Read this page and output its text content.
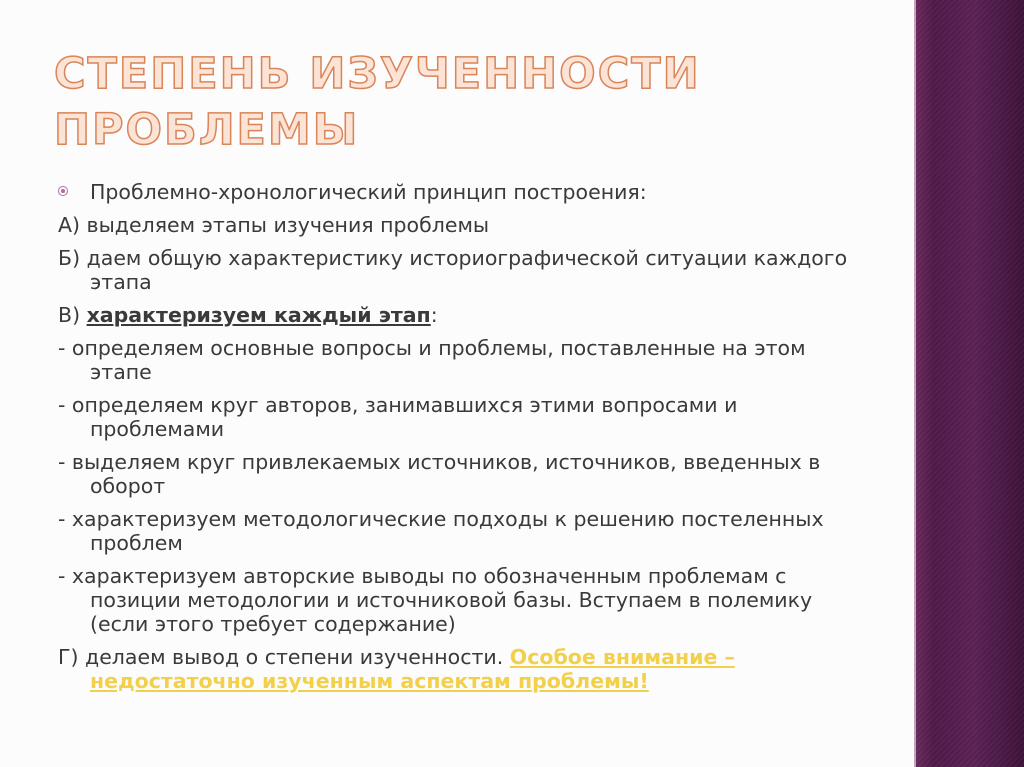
СТЕПЕНЬ ИЗУЧЕННОСТИ
ПРОБЛЕМЫ

Проблемно-хронологический принцип построения:

А) выделяем этапы изучения проблемы

Б) даем общую характеристику историографической ситуации каждого этапа

В) характеризуем каждый этап:

- определяем основные вопросы и проблемы, поставленные на этом этапе

- определяем круг авторов, занимавшихся этими вопросами и проблемами

- выделяем круг привлекаемых источников, источников, введенных в оборот

- характеризуем методологические подходы к решению постеленных проблем

- характеризуем авторские выводы по обозначенным проблемам с позиции методологии и источниковой базы. Вступаем в полемику (если этого требует содержание)

Г) делаем вывод о степени изученности. Особое внимание – недостаточно изученным аспектам проблемы!
